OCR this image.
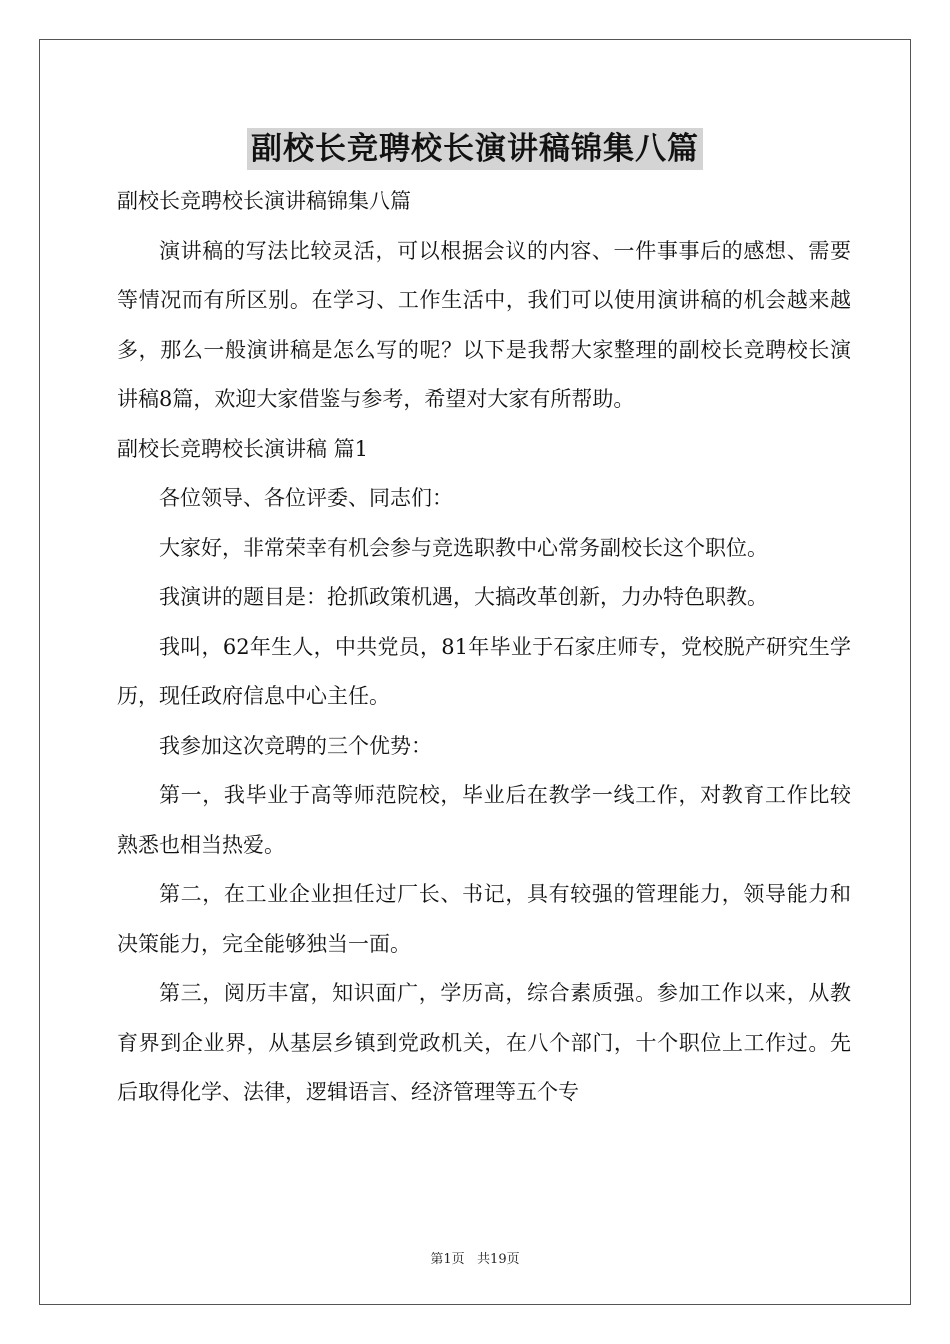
副校长竞聘校长演讲稿锦集八篇

副校长竞聘校长演讲稿锦集八篇

演讲稿的写法比较灵活，可以根据会议的内容、一件事事后的感想、需要等情况而有所区别。在学习、工作生活中，我们可以使用演讲稿的机会越来越多，那么一般演讲稿是怎么写的呢？以下是我帮大家整理的副校长竞聘校长演讲稿8篇，欢迎大家借鉴与参考，希望对大家有所帮助。

副校长竞聘校长演讲稿 篇1

各位领导、各位评委、同志们：

大家好，非常荣幸有机会参与竞选职教中心常务副校长这个职位。

我演讲的题目是：抢抓政策机遇，大搞改革创新，力办特色职教。

我叫，62年生人，中共党员，81年毕业于石家庄师专，党校脱产研究生学历，现任政府信息中心主任。

我参加这次竞聘的三个优势：

第一，我毕业于高等师范院校，毕业后在教学一线工作，对教育工作比较熟悉也相当热爱。

第二，在工业企业担任过厂长、书记，具有较强的管理能力，领导能力和决策能力，完全能够独当一面。

第三，阅历丰富，知识面广，学历高，综合素质强。参加工作以来，从教育界到企业界，从基层乡镇到党政机关，在八个部门，十个职位上工作过。先后取得化学、法律，逻辑语言、经济管理等五个专

第1页   共19页
